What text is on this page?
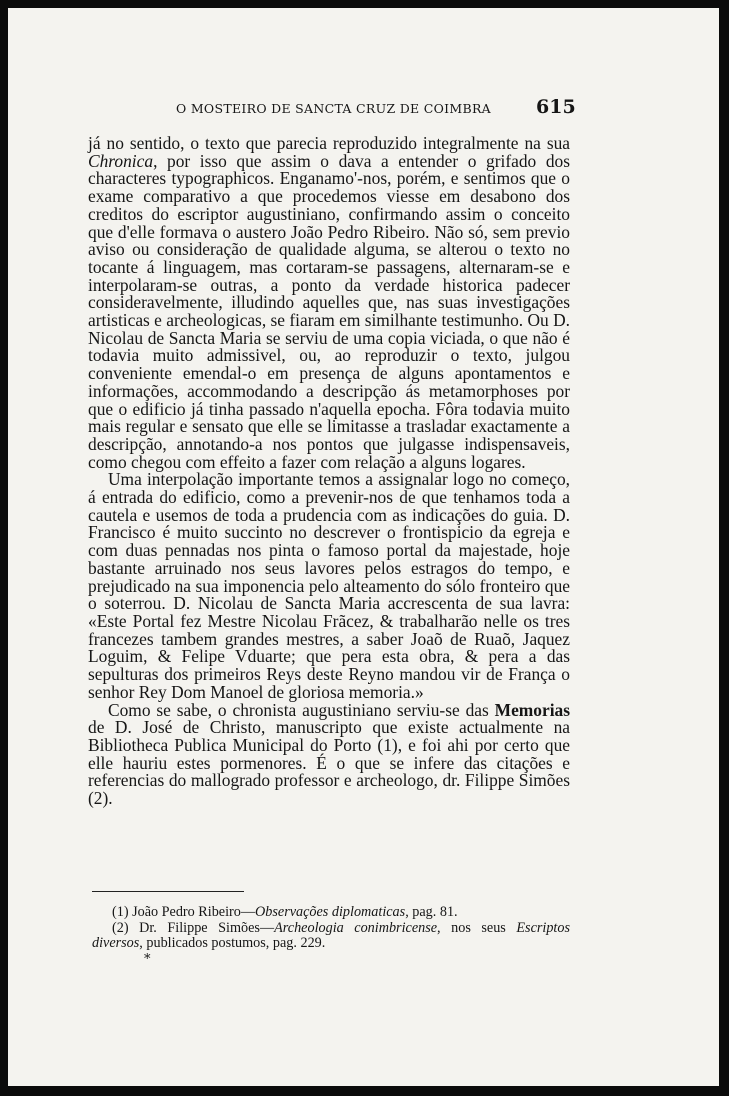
O MOSTEIRO DE SANCTA CRUZ DE COIMBRA 615

já no sentido, o texto que parecia reproduzido integralmente na sua Chronica, por isso que assim o dava a entender o grifado dos characteres typographicos. Enganamo'-nos, porém, e sentimos que o exame comparativo a que procedemos viesse em desabono dos creditos do escriptor augustiniano, confirmando assim o conceito que d'elle formava o austero João Pedro Ribeiro. Não só, sem previo aviso ou consideração de qualidade alguma, se alterou o texto no tocante á linguagem, mas cortaram-se passagens, alternaram-se e interpolaram-se outras, a ponto da verdade historica padecer consideravelmente, illudindo aquelles que, nas suas investigações artisticas e archeologicas, se fiaram em similhante testimunho. Ou D. Nicolau de Sancta Maria se serviu de uma copia viciada, o que não é todavia muito admissivel, ou, ao reproduzir o texto, julgou conveniente emendal-o em presença de alguns apontamentos e informações, accommodando a descripção ás metamorphoses por que o edificio já tinha passado n'aquella epocha. Fôra todavia muito mais regular e sensato que elle se limitasse a trasladar exactamente a descripção, annotando-a nos pontos que julgasse indispensaveis, como chegou com effeito a fazer com relação a alguns logares.

Uma interpolação importante temos a assignalar logo no começo, á entrada do edificio, como a prevenir-nos de que tenhamos toda a cautela e usemos de toda a prudencia com as indicações do guia. D. Francisco é muito succinto no descrever o frontispicio da egreja e com duas pennadas nos pinta o famoso portal da majestade, hoje bastante arruinado nos seus lavores pelos estragos do tempo, e prejudicado na sua imponencia pelo alteamento do sólo fronteiro que o soterrou. D. Nicolau de Sancta Maria accrescenta de sua lavra: «Este Portal fez Mestre Nicolau Frãcez, & trabalharão nelle os tres francezes tambem grandes mestres, a saber Joaõ de Ruaõ, Jaquez Loguim, & Felipe Vduarte; que pera esta obra, & pera a das sepulturas dos primeiros Reys deste Reyno mandou vir de França o senhor Rey Dom Manoel de gloriosa memoria.»

Como se sabe, o chronista augustiniano serviu-se das Memorias de D. José de Christo, manuscripto que existe actualmente na Bibliotheca Publica Municipal do Porto (1), e foi ahi por certo que elle hauriu estes pormenores. É o que se infere das citações e referencias do mallogrado professor e archeologo, dr. Filippe Simões (2).

(1) João Pedro Ribeiro—Observações diplomaticas, pag. 81.

(2) Dr. Filippe Simões—Archeologia conimbricense, nos seus Escriptos diversos, publicados postumos, pag. 229.

*
